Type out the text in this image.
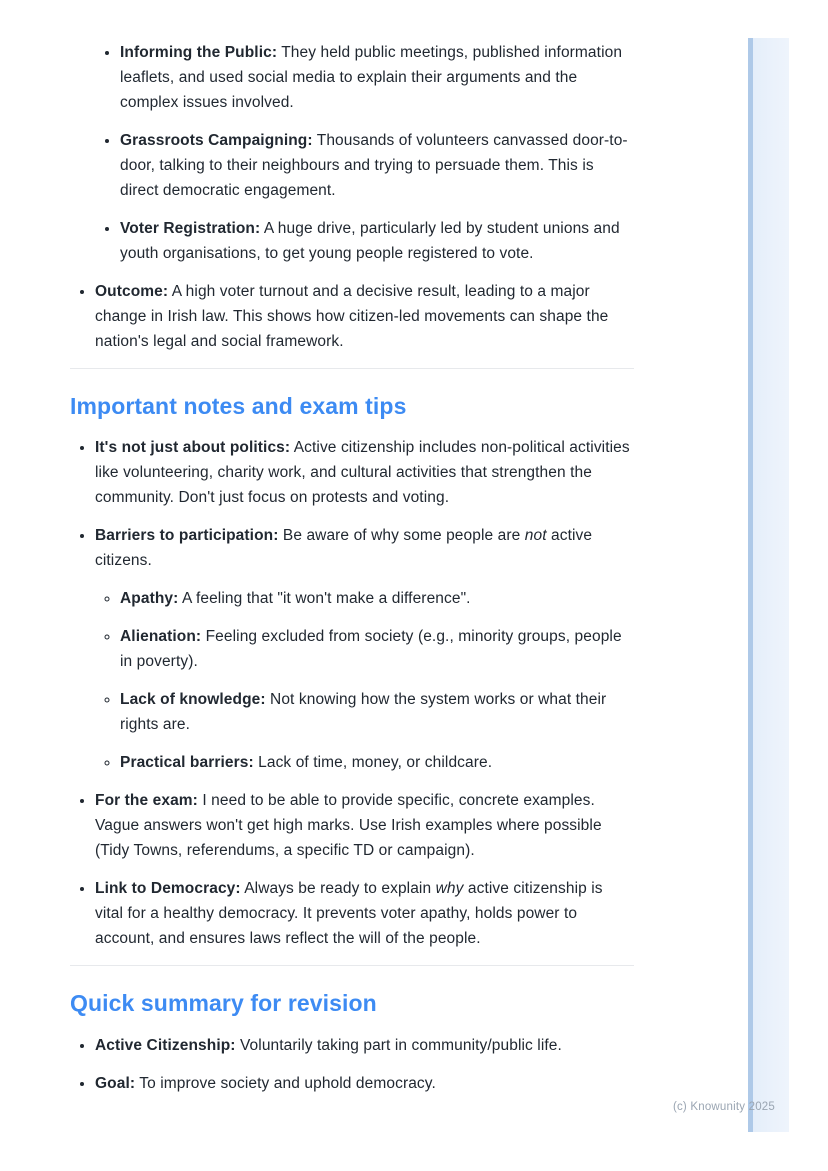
• Informing the Public: They held public meetings, published information leaflets, and used social media to explain their arguments and the complex issues involved.
• Grassroots Campaigning: Thousands of volunteers canvassed door-to-door, talking to their neighbours and trying to persuade them. This is direct democratic engagement.
• Voter Registration: A huge drive, particularly led by student unions and youth organisations, to get young people registered to vote.
• Outcome: A high voter turnout and a decisive result, leading to a major change in Irish law. This shows how citizen-led movements can shape the nation's legal and social framework.
Important notes and exam tips
• It's not just about politics: Active citizenship includes non-political activities like volunteering, charity work, and cultural activities that strengthen the community. Don't just focus on protests and voting.
• Barriers to participation: Be aware of why some people are not active citizens.
◦ Apathy: A feeling that "it won't make a difference".
◦ Alienation: Feeling excluded from society (e.g., minority groups, people in poverty).
◦ Lack of knowledge: Not knowing how the system works or what their rights are.
◦ Practical barriers: Lack of time, money, or childcare.
• For the exam: I need to be able to provide specific, concrete examples. Vague answers won't get high marks. Use Irish examples where possible (Tidy Towns, referendums, a specific TD or campaign).
• Link to Democracy: Always be ready to explain why active citizenship is vital for a healthy democracy. It prevents voter apathy, holds power to account, and ensures laws reflect the will of the people.
Quick summary for revision
• Active Citizenship: Voluntarily taking part in community/public life.
• Goal: To improve society and uphold democracy.
(c) Knowunity 2025
